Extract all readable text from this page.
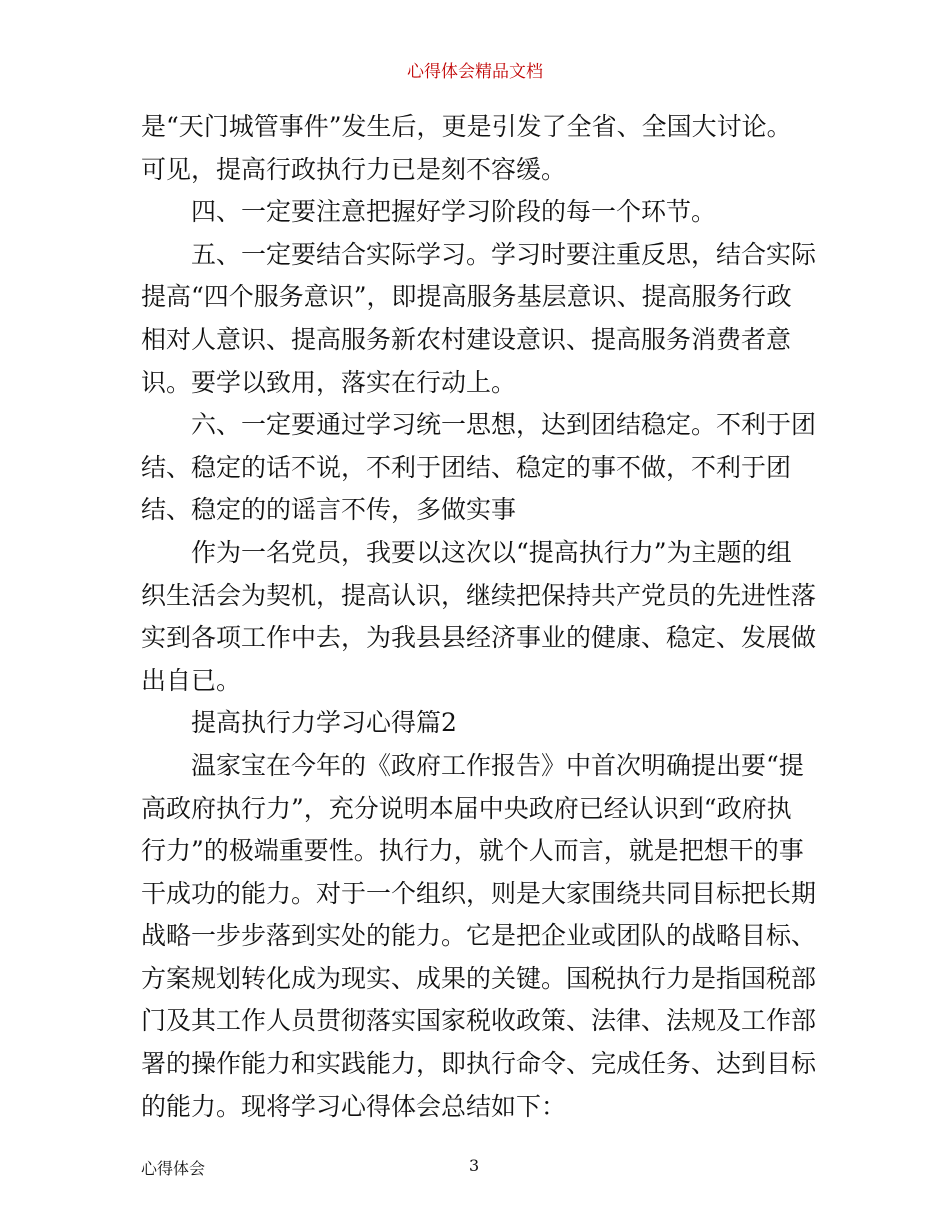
心得体会精品文档
是“天门城管事件”发生后，更是引发了全省、全国大讨论。
可见，提高行政执行力已是刻不容缓。
四、一定要注意把握好学习阶段的每一个环节。
五、一定要结合实际学习。学习时要注重反思，结合实际
提高“四个服务意识”，即提高服务基层意识、提高服务行政
相对人意识、提高服务新农村建设意识、提高服务消费者意
识。要学以致用，落实在行动上。
六、一定要通过学习统一思想，达到团结稳定。不利于团
结、稳定的话不说，不利于团结、稳定的事不做，不利于团
结、稳定的的谣言不传，多做实事
作为一名党员，我要以这次以“提高执行力”为主题的组
织生活会为契机，提高认识，继续把保持共产党员的先进性落
实到各项工作中去，为我县县经济事业的健康、稳定、发展做
出自已。
提高执行力学习心得篇2
温家宝在今年的《政府工作报告》中首次明确提出要“提
高政府执行力”，充分说明本届中央政府已经认识到“政府执
行力”的极端重要性。执行力，就个人而言，就是把想干的事
干成功的能力。对于一个组织，则是大家围绕共同目标把长期
战略一步步落到实处的能力。它是把企业或团队的战略目标、
方案规划转化成为现实、成果的关键。国税执行力是指国税部
门及其工作人员贯彻落实国家税收政策、法律、法规及工作部
署的操作能力和实践能力，即执行命令、完成任务、达到目标
的能力。现将学习心得体会总结如下：
心得体会	3
